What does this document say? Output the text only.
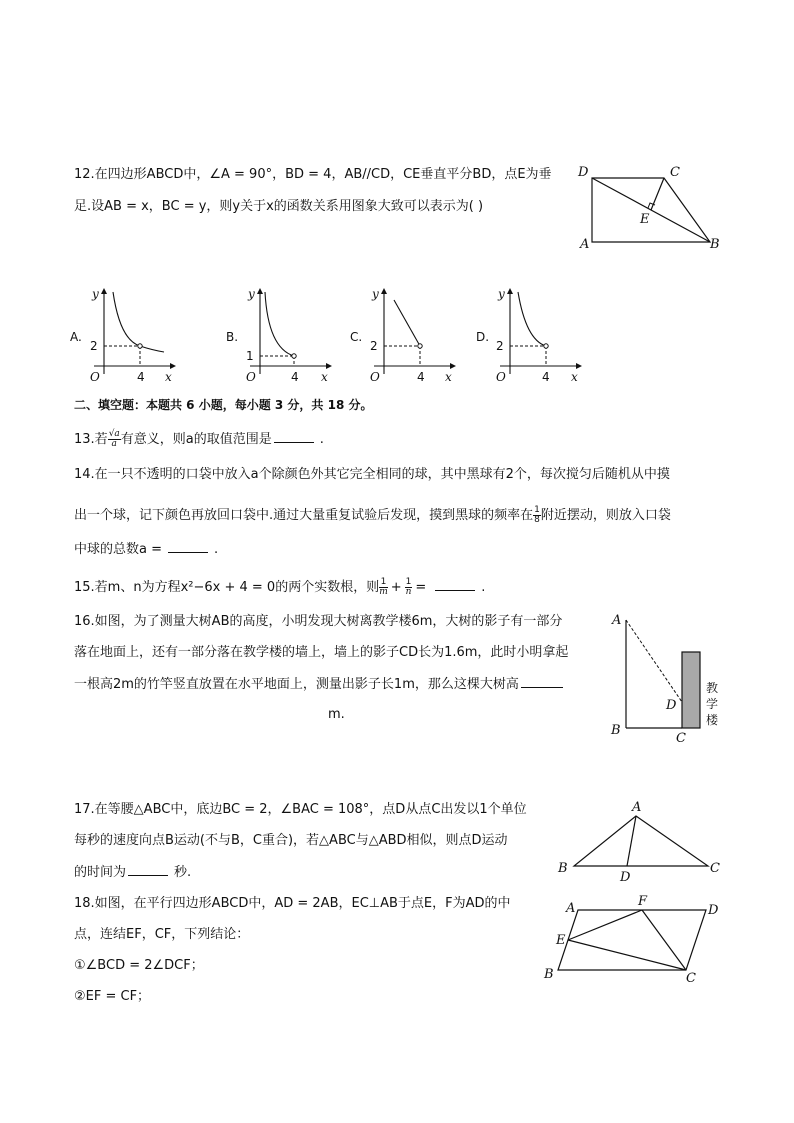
12.在四边形ABCD中，∠A = 90°，BD = 4，AB//CD，CE垂直平分BD，点E为垂
足.设AB = x，BC = y，则y关于x的函数关系用图象大致可以表示为( )
D	C
E
A	B
A.
y
x
O
2
4
B.
y
x
O
1
4
C.
y
x
O
2
4
D.
y
x
O
2
4
二、填空题：本题共 6 小题，每小题 3 分，共 18 分。
13.若 $\frac{√a}{a}$ 有意义，则a的取值范围是	.
14.在一只不透明的口袋中放入a个除颜色外其它完全相同的球，其中黑球有2个，每次搅匀后随机从中摸
出一个球，记下颜色再放回口袋中.通过大量重复试验后发现，摸到黑球的频率在 $\frac{1}{8}$ 附近摆动，则放入口袋
中球的总数a =	.
15.若m、n为方程x²−6x + 4 = 0的两个实数根，则 $\frac{1}{m} + \frac{1}{n}$ =	.
16.如图，为了测量大树AB的高度，小明发现大树离教学楼6m，大树的影子有一部分
落在地面上，还有一部分落在教学楼的墙上，墙上的影子CD长为1.6m，此时小明拿起
一根高2m的竹竿竖直放置在水平地面上，测量出影子长1m，那么这棵大树高
m.
A
B
C
D
教
学
楼
17.在等腰△ABC中，底边BC = 2，∠BAC = 108°，点D从点C出发以1个单位
每秒的速度向点B运动(不与B，C重合)，若△ABC与△ABD相似，则点D运动
的时间为	秒.
A
B	C
D
18.如图，在平行四边形ABCD中，AD = 2AB，EC⊥AB于点E，F为AD的中
点，连结EF，CF，下列结论：
①∠BCD = 2∠DCF；
②EF = CF；
A	F
D
E
B	C
